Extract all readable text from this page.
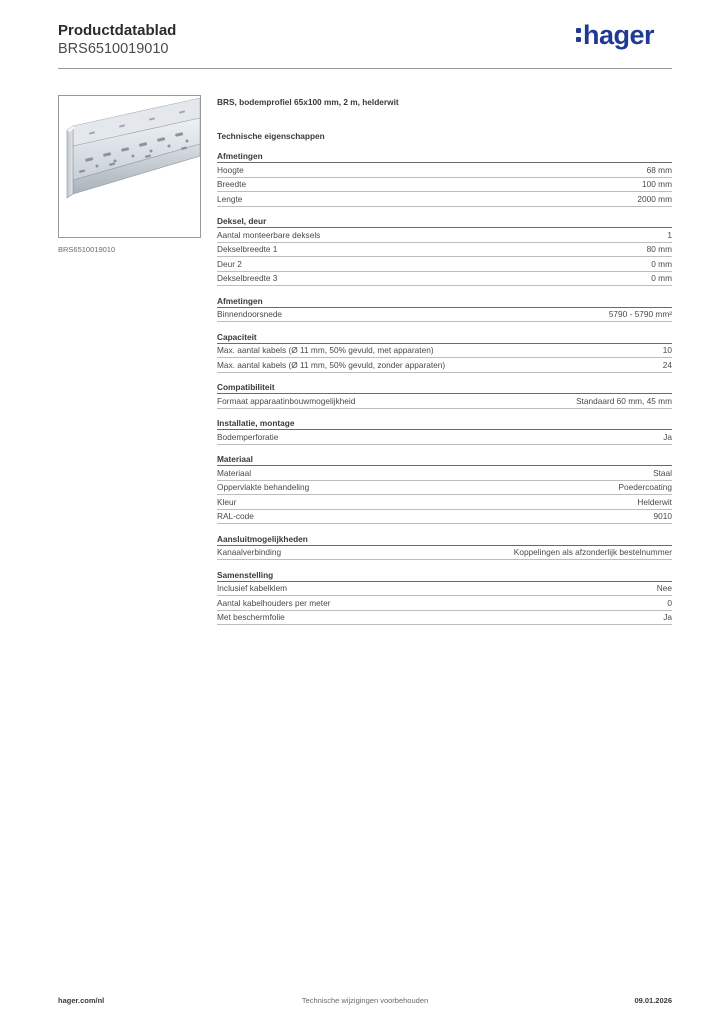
Productdatablad
BRS6510019010	hager
BRS6510019010
BRS, bodemprofiel 65x100 mm, 2 m, helderwit
Technische eigenschappen
Afmetingen
Hoogte	68 mm
Breedte	100 mm
Lengte	2000 mm
Deksel, deur
Aantal monteerbare deksels	1
Dekselbreedte 1	80 mm
Deur 2	0 mm
Dekselbreedte 3	0 mm
Afmetingen
Binnendoorsnede	5790 - 5790 mm²
Capaciteit
Max. aantal kabels (Ø 11 mm, 50% gevuld, met apparaten)	10
Max. aantal kabels (Ø 11 mm, 50% gevuld, zonder apparaten)	24
Compatibiliteit
Formaat apparaatinbouwmogelijkheid	Standaard 60 mm, 45 mm
Installatie, montage
Bodemperforatie	Ja
Materiaal
Materiaal	Staal
Oppervlakte behandeling	Poedercoating
Kleur	Helderwit
RAL-code	9010
Aansluitmogelijkheden
Kanaalverbinding	Koppelingen als afzonderlijk bestelnummer
Samenstelling
Inclusief kabelklem	Nee
Aantal kabelhouders per meter	0
Met beschermfolie	Ja
hager.com/nl	Technische wijzigingen voorbehouden	09.01.2026
